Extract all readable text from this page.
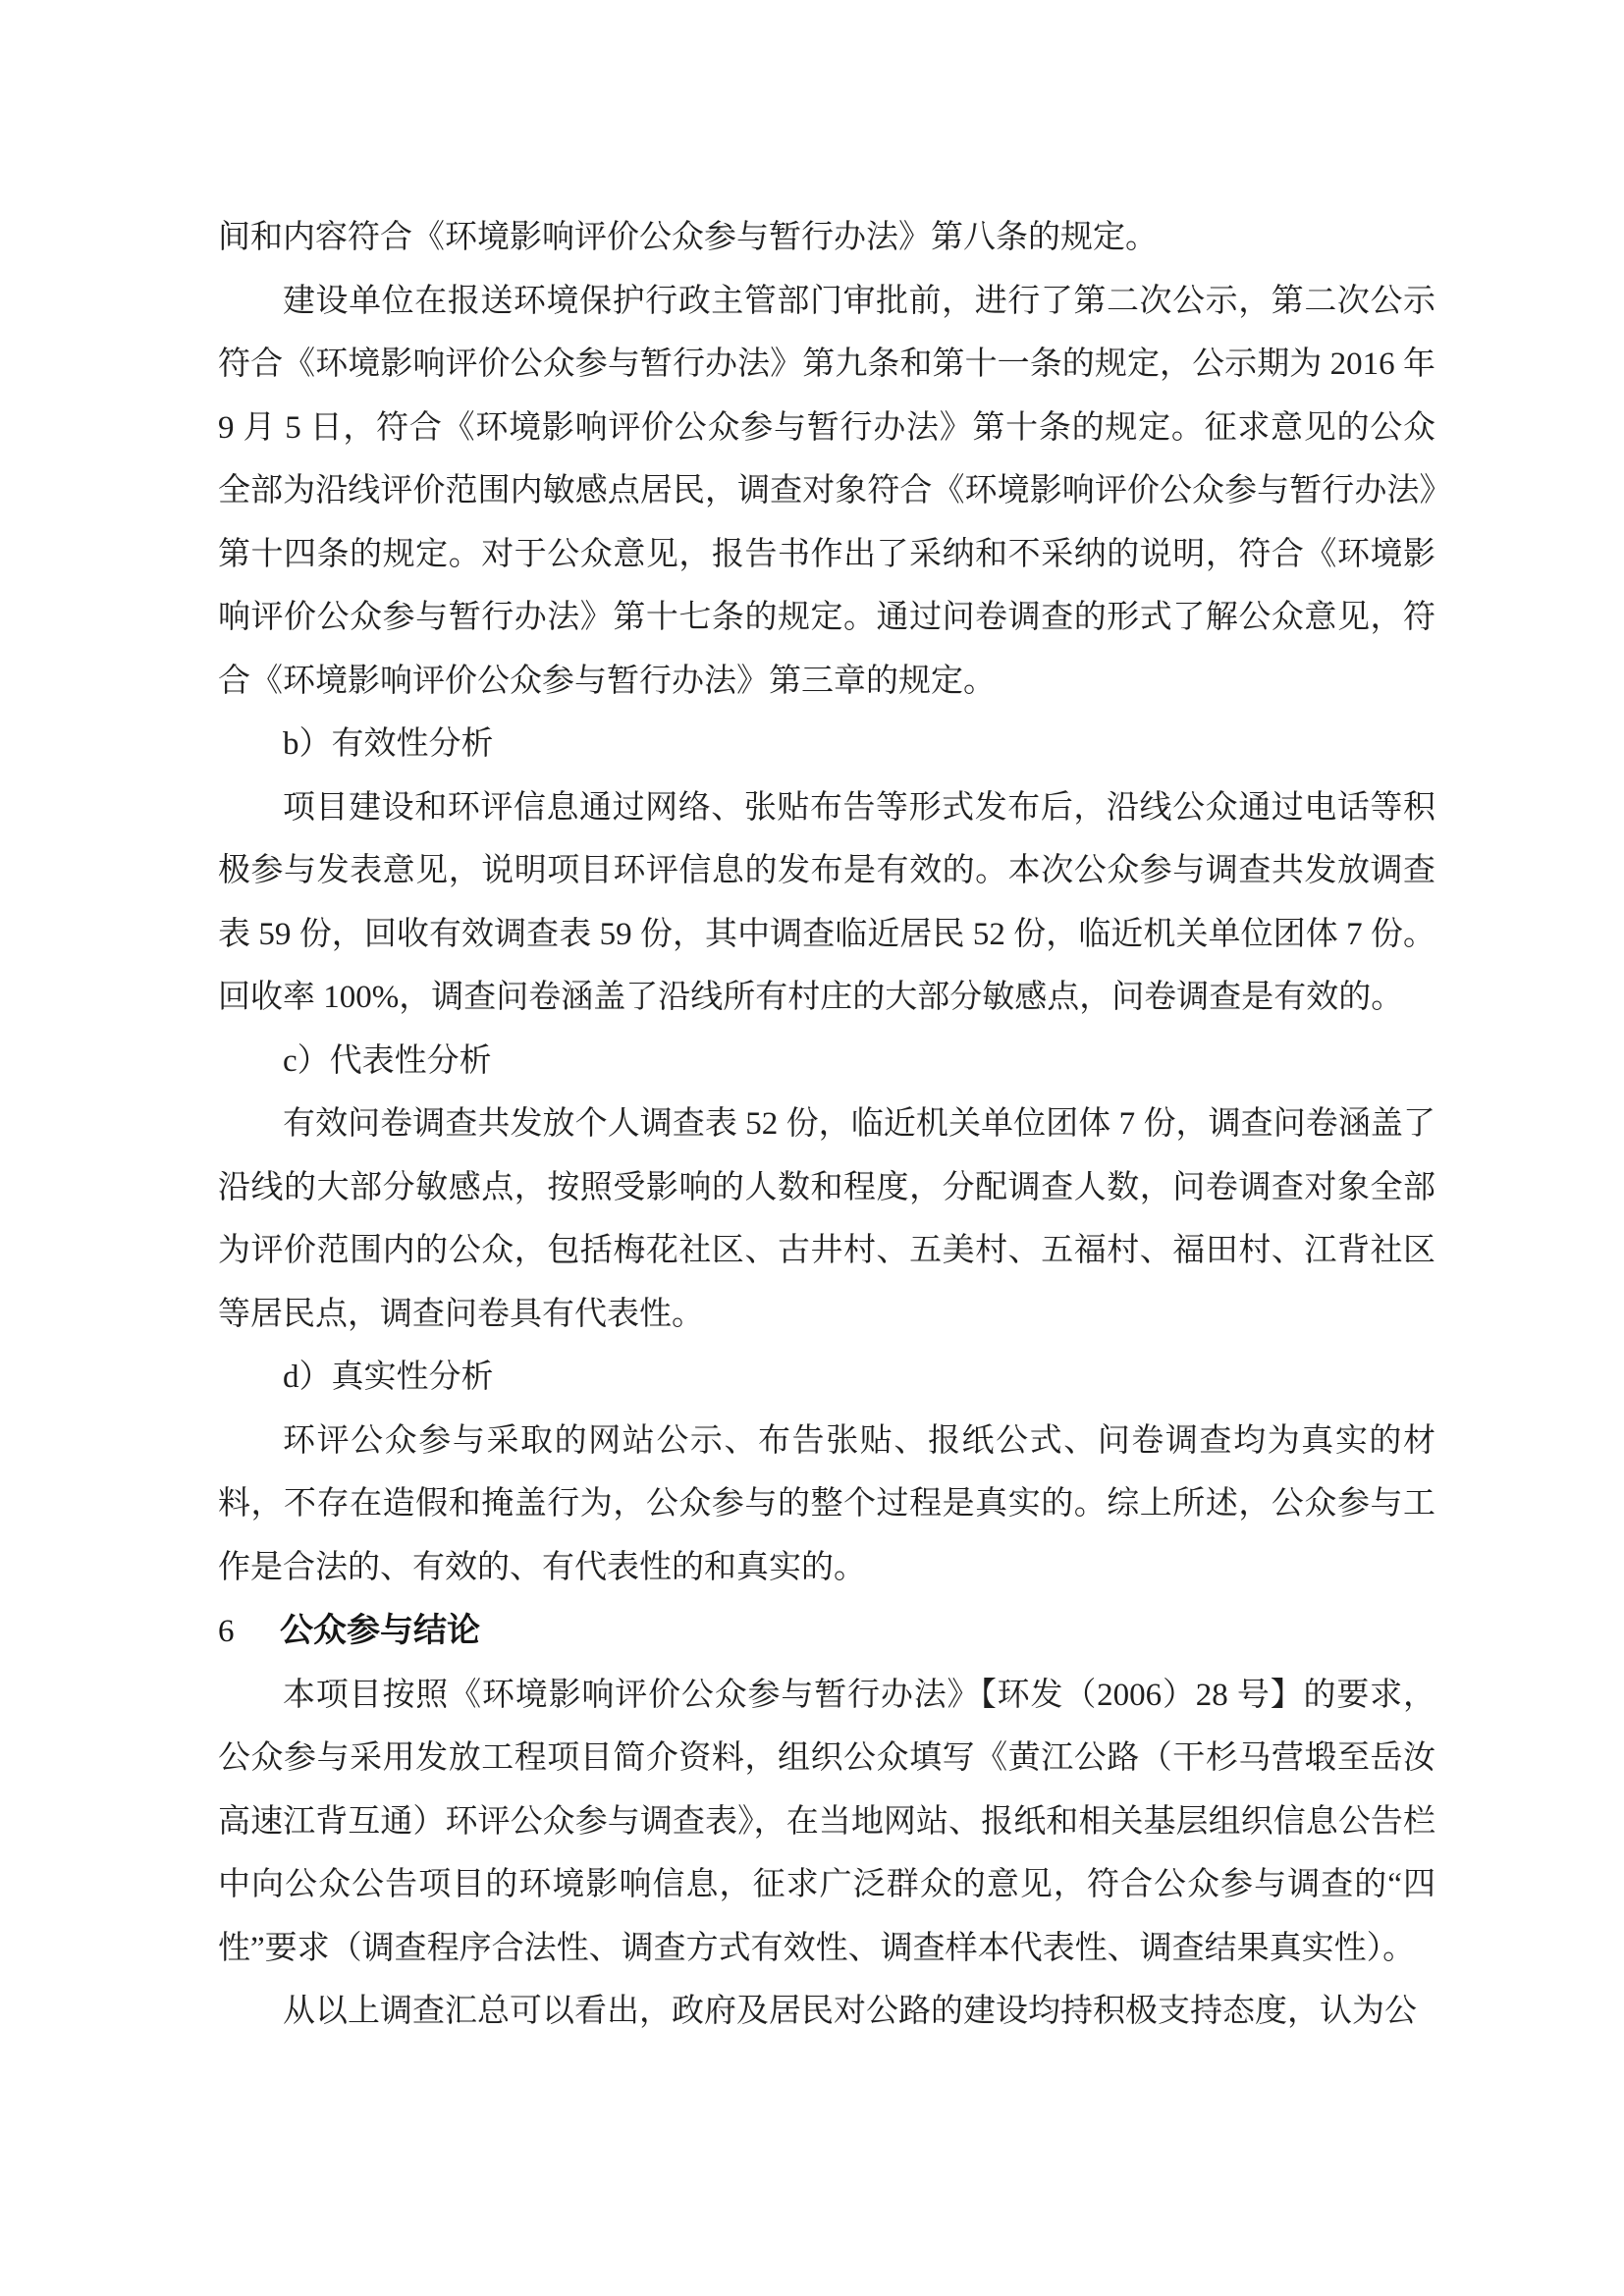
间和内容符合《环境影响评价公众参与暂行办法》第八条的规定。

建设单位在报送环境保护行政主管部门审批前，进行了第二次公示，第二次公示符合《环境影响评价公众参与暂行办法》第九条和第十一条的规定，公示期为 2016 年 9 月 5 日，符合《环境影响评价公众参与暂行办法》第十条的规定。征求意见的公众全部为沿线评价范围内敏感点居民，调查对象符合《环境影响评价公众参与暂行办法》第十四条的规定。对于公众意见，报告书作出了采纳和不采纳的说明，符合《环境影响评价公众参与暂行办法》第十七条的规定。通过问卷调查的形式了解公众意见，符合《环境影响评价公众参与暂行办法》第三章的规定。

b）有效性分析

项目建设和环评信息通过网络、张贴布告等形式发布后，沿线公众通过电话等积极参与发表意见，说明项目环评信息的发布是有效的。本次公众参与调查共发放调查表 59 份，回收有效调查表 59 份，其中调查临近居民 52 份，临近机关单位团体 7 份。回收率 100%，调查问卷涵盖了沿线所有村庄的大部分敏感点，问卷调查是有效的。

c）代表性分析

有效问卷调查共发放个人调查表 52 份，临近机关单位团体 7 份，调查问卷涵盖了沿线的大部分敏感点，按照受影响的人数和程度，分配调查人数，问卷调查对象全部为评价范围内的公众，包括梅花社区、古井村、五美村、五福村、福田村、江背社区等居民点，调查问卷具有代表性。

d）真实性分析

环评公众参与采取的网站公示、布告张贴、报纸公式、问卷调查均为真实的材料，不存在造假和掩盖行为，公众参与的整个过程是真实的。综上所述，公众参与工作是合法的、有效的、有代表性的和真实的。

6 公众参与结论

本项目按照《环境影响评价公众参与暂行办法》【环发（2006）28 号】的要求，公众参与采用发放工程项目简介资料，组织公众填写《黄江公路（干杉马营塅至岳汝高速江背互通）环评公众参与调查表》，在当地网站、报纸和相关基层组织信息公告栏中向公众公告项目的环境影响信息，征求广泛群众的意见，符合公众参与调查的“四性”要求（调查程序合法性、调查方式有效性、调查样本代表性、调查结果真实性）。

从以上调查汇总可以看出，政府及居民对公路的建设均持积极支持态度，认为公
